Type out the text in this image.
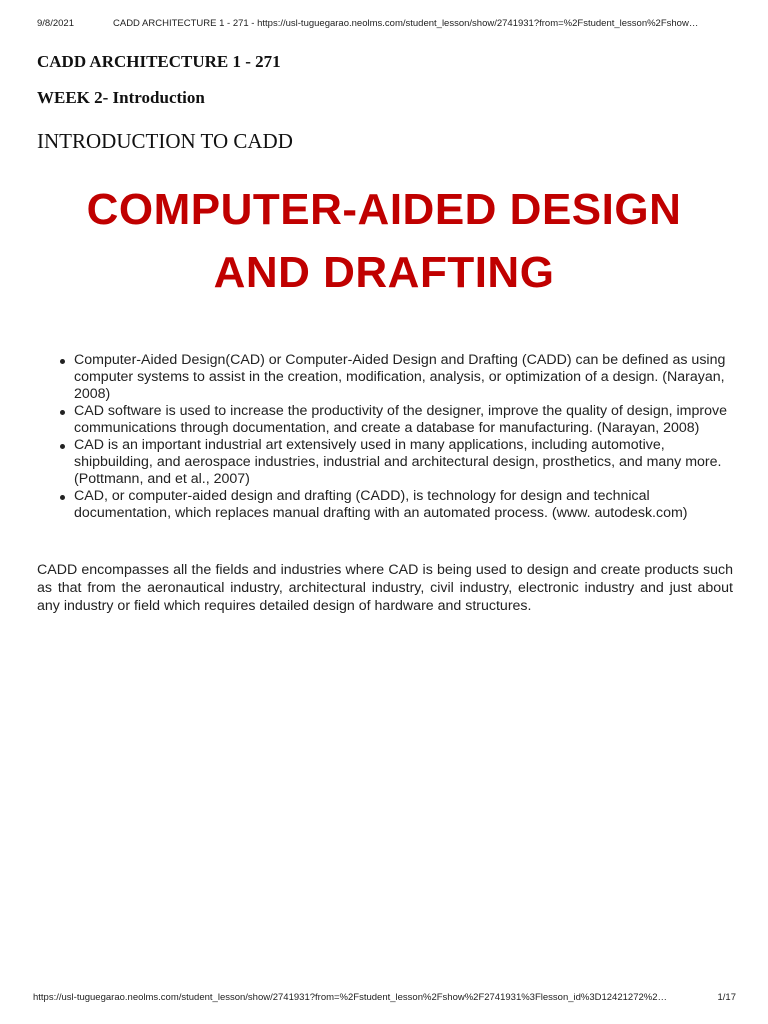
9/8/2021	CADD ARCHITECTURE 1 - 271 - https://usl-tuguegarao.neolms.com/student_lesson/show/2741931?from=%2Fstudent_lesson%2Fshow…
CADD ARCHITECTURE 1 - 271
WEEK 2- Introduction
INTRODUCTION TO CADD
COMPUTER-AIDED DESIGN
AND DRAFTING
Computer-Aided Design(CAD) or Computer-Aided Design and Drafting (CADD) can be defined as using computer systems to assist in the creation, modification, analysis, or optimization of a design. (Narayan, 2008)
CAD software is used to increase the productivity of the designer, improve the quality of design, improve communications through documentation, and create a database for manufacturing. (Narayan, 2008)
CAD is an important industrial art extensively used in many applications, including automotive, shipbuilding, and aerospace industries, industrial and architectural design, prosthetics, and many more. (Pottmann, and et al., 2007)
CAD, or computer-aided design and drafting (CADD), is technology for design and technical documentation, which replaces manual drafting with an automated process. (www. autodesk.com)

CADD encompasses all the fields and industries where CAD is being used to design and create products such as that from the aeronautical industry, architectural industry, civil industry, electronic industry and just about any industry or field which requires detailed design of hardware and structures.

https://usl-tuguegarao.neolms.com/student_lesson/show/2741931?from=%2Fstudent_lesson%2Fshow%2F2741931%3Flesson_id%3D12421272%2…	1/17
